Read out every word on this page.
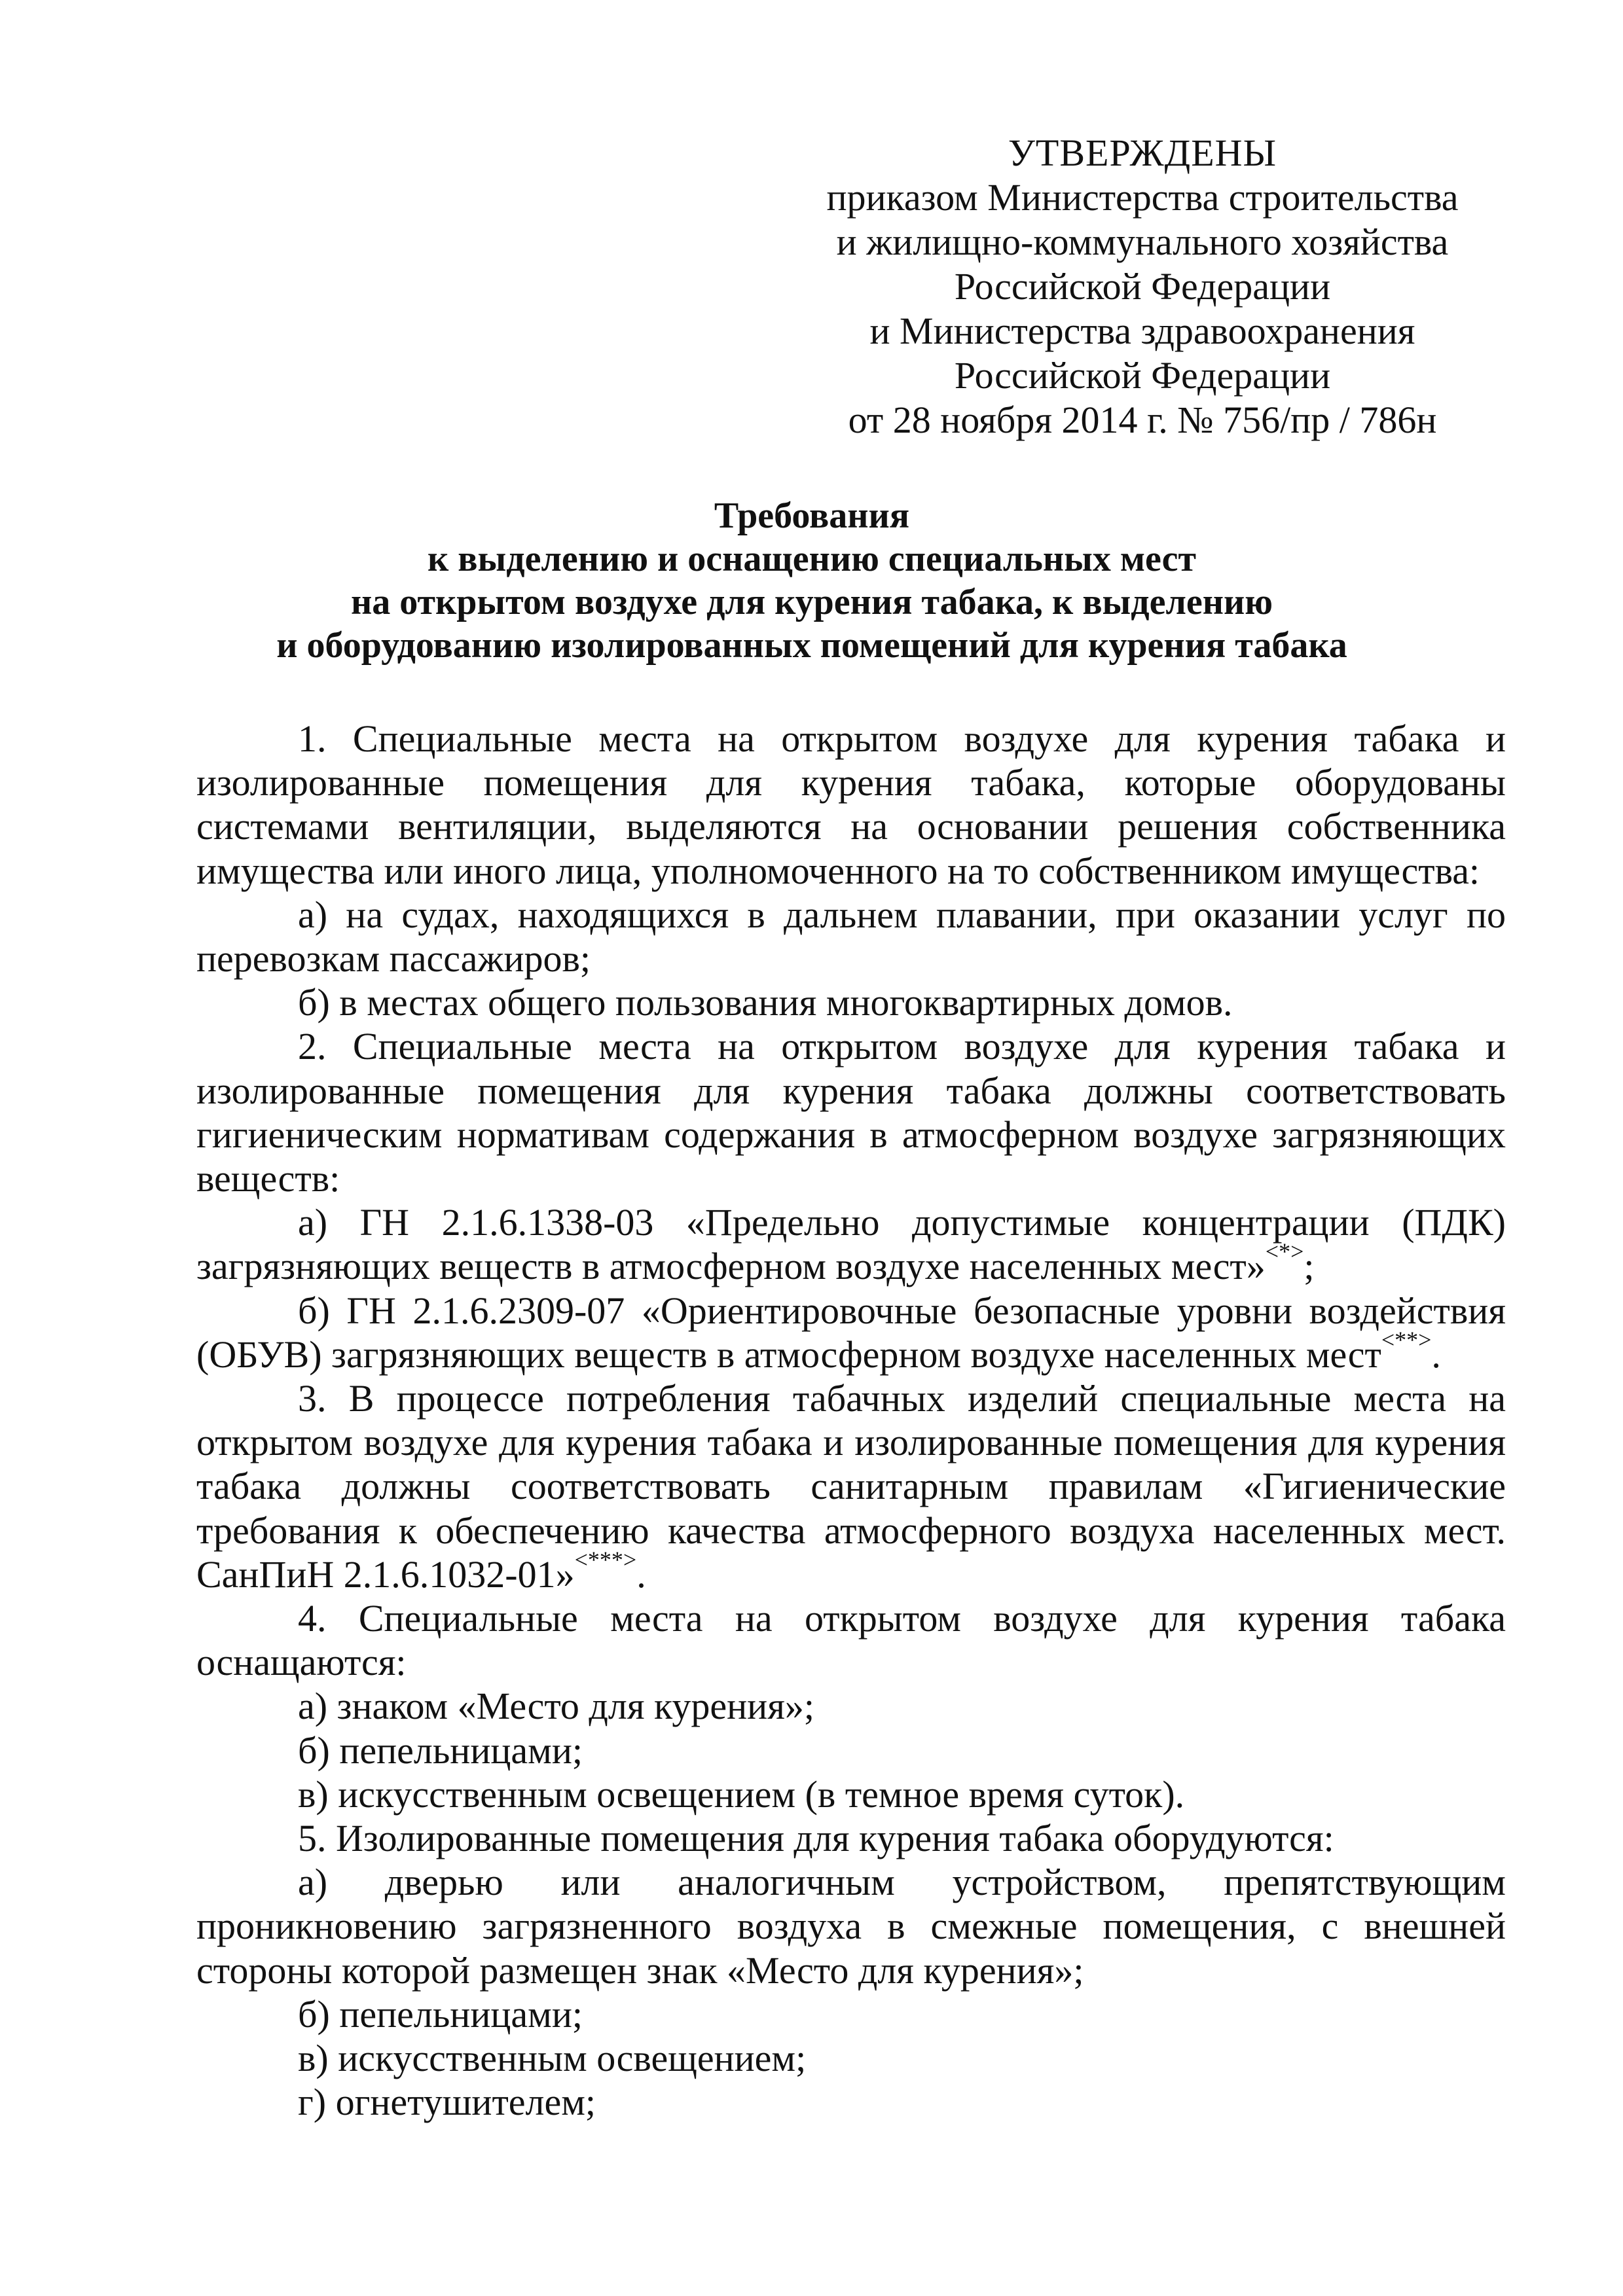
УТВЕРЖДЕНЫ
приказом Министерства строительства
и жилищно-коммунального хозяйства
Российской Федерации
и Министерства здравоохранения
Российской Федерации
от 28 ноября 2014 г. № 756/пр / 786н
Требования
к выделению и оснащению специальных мест
на открытом воздухе для курения табака, к выделению
и оборудованию изолированных помещений для курения табака

1. Специальные места на открытом воздухе для курения табака и изолированные помещения для курения табака, которые оборудованы системами вентиляции, выделяются на основании решения собственника имущества или иного лица, уполномоченного на то собственником имущества:

а) на судах, находящихся в дальнем плавании, при оказании услуг по перевозкам пассажиров;

б) в местах общего пользования многоквартирных домов.

2. Специальные места на открытом воздухе для курения табака и изолированные помещения для курения табака должны соответствовать гигиеническим нормативам содержания в атмосферном воздухе загрязняющих веществ:

а) ГН 2.1.6.1338-03 «Предельно допустимые концентрации (ПДК) загрязняющих веществ в атмосферном воздухе населенных мест»<*>;

б) ГН 2.1.6.2309-07 «Ориентировочные безопасные уровни воздействия (ОБУВ) загрязняющих веществ в атмосферном воздухе населенных мест<**>.

3. В процессе потребления табачных изделий специальные места на открытом воздухе для курения табака и изолированные помещения для курения табака должны соответствовать санитарным правилам «Гигиенические требования к обеспечению качества атмосферного воздуха населенных мест. СанПиН 2.1.6.1032-01»<***>.

4. Специальные места на открытом воздухе для курения табака оснащаются:

а) знаком «Место для курения»;

б) пепельницами;

в) искусственным освещением (в темное время суток).

5. Изолированные помещения для курения табака оборудуются:

а) дверью или аналогичным устройством, препятствующим проникновению загрязненного воздуха в смежные помещения, с внешней стороны которой размещен знак «Место для курения»;

б) пепельницами;

в) искусственным освещением;

г) огнетушителем;
